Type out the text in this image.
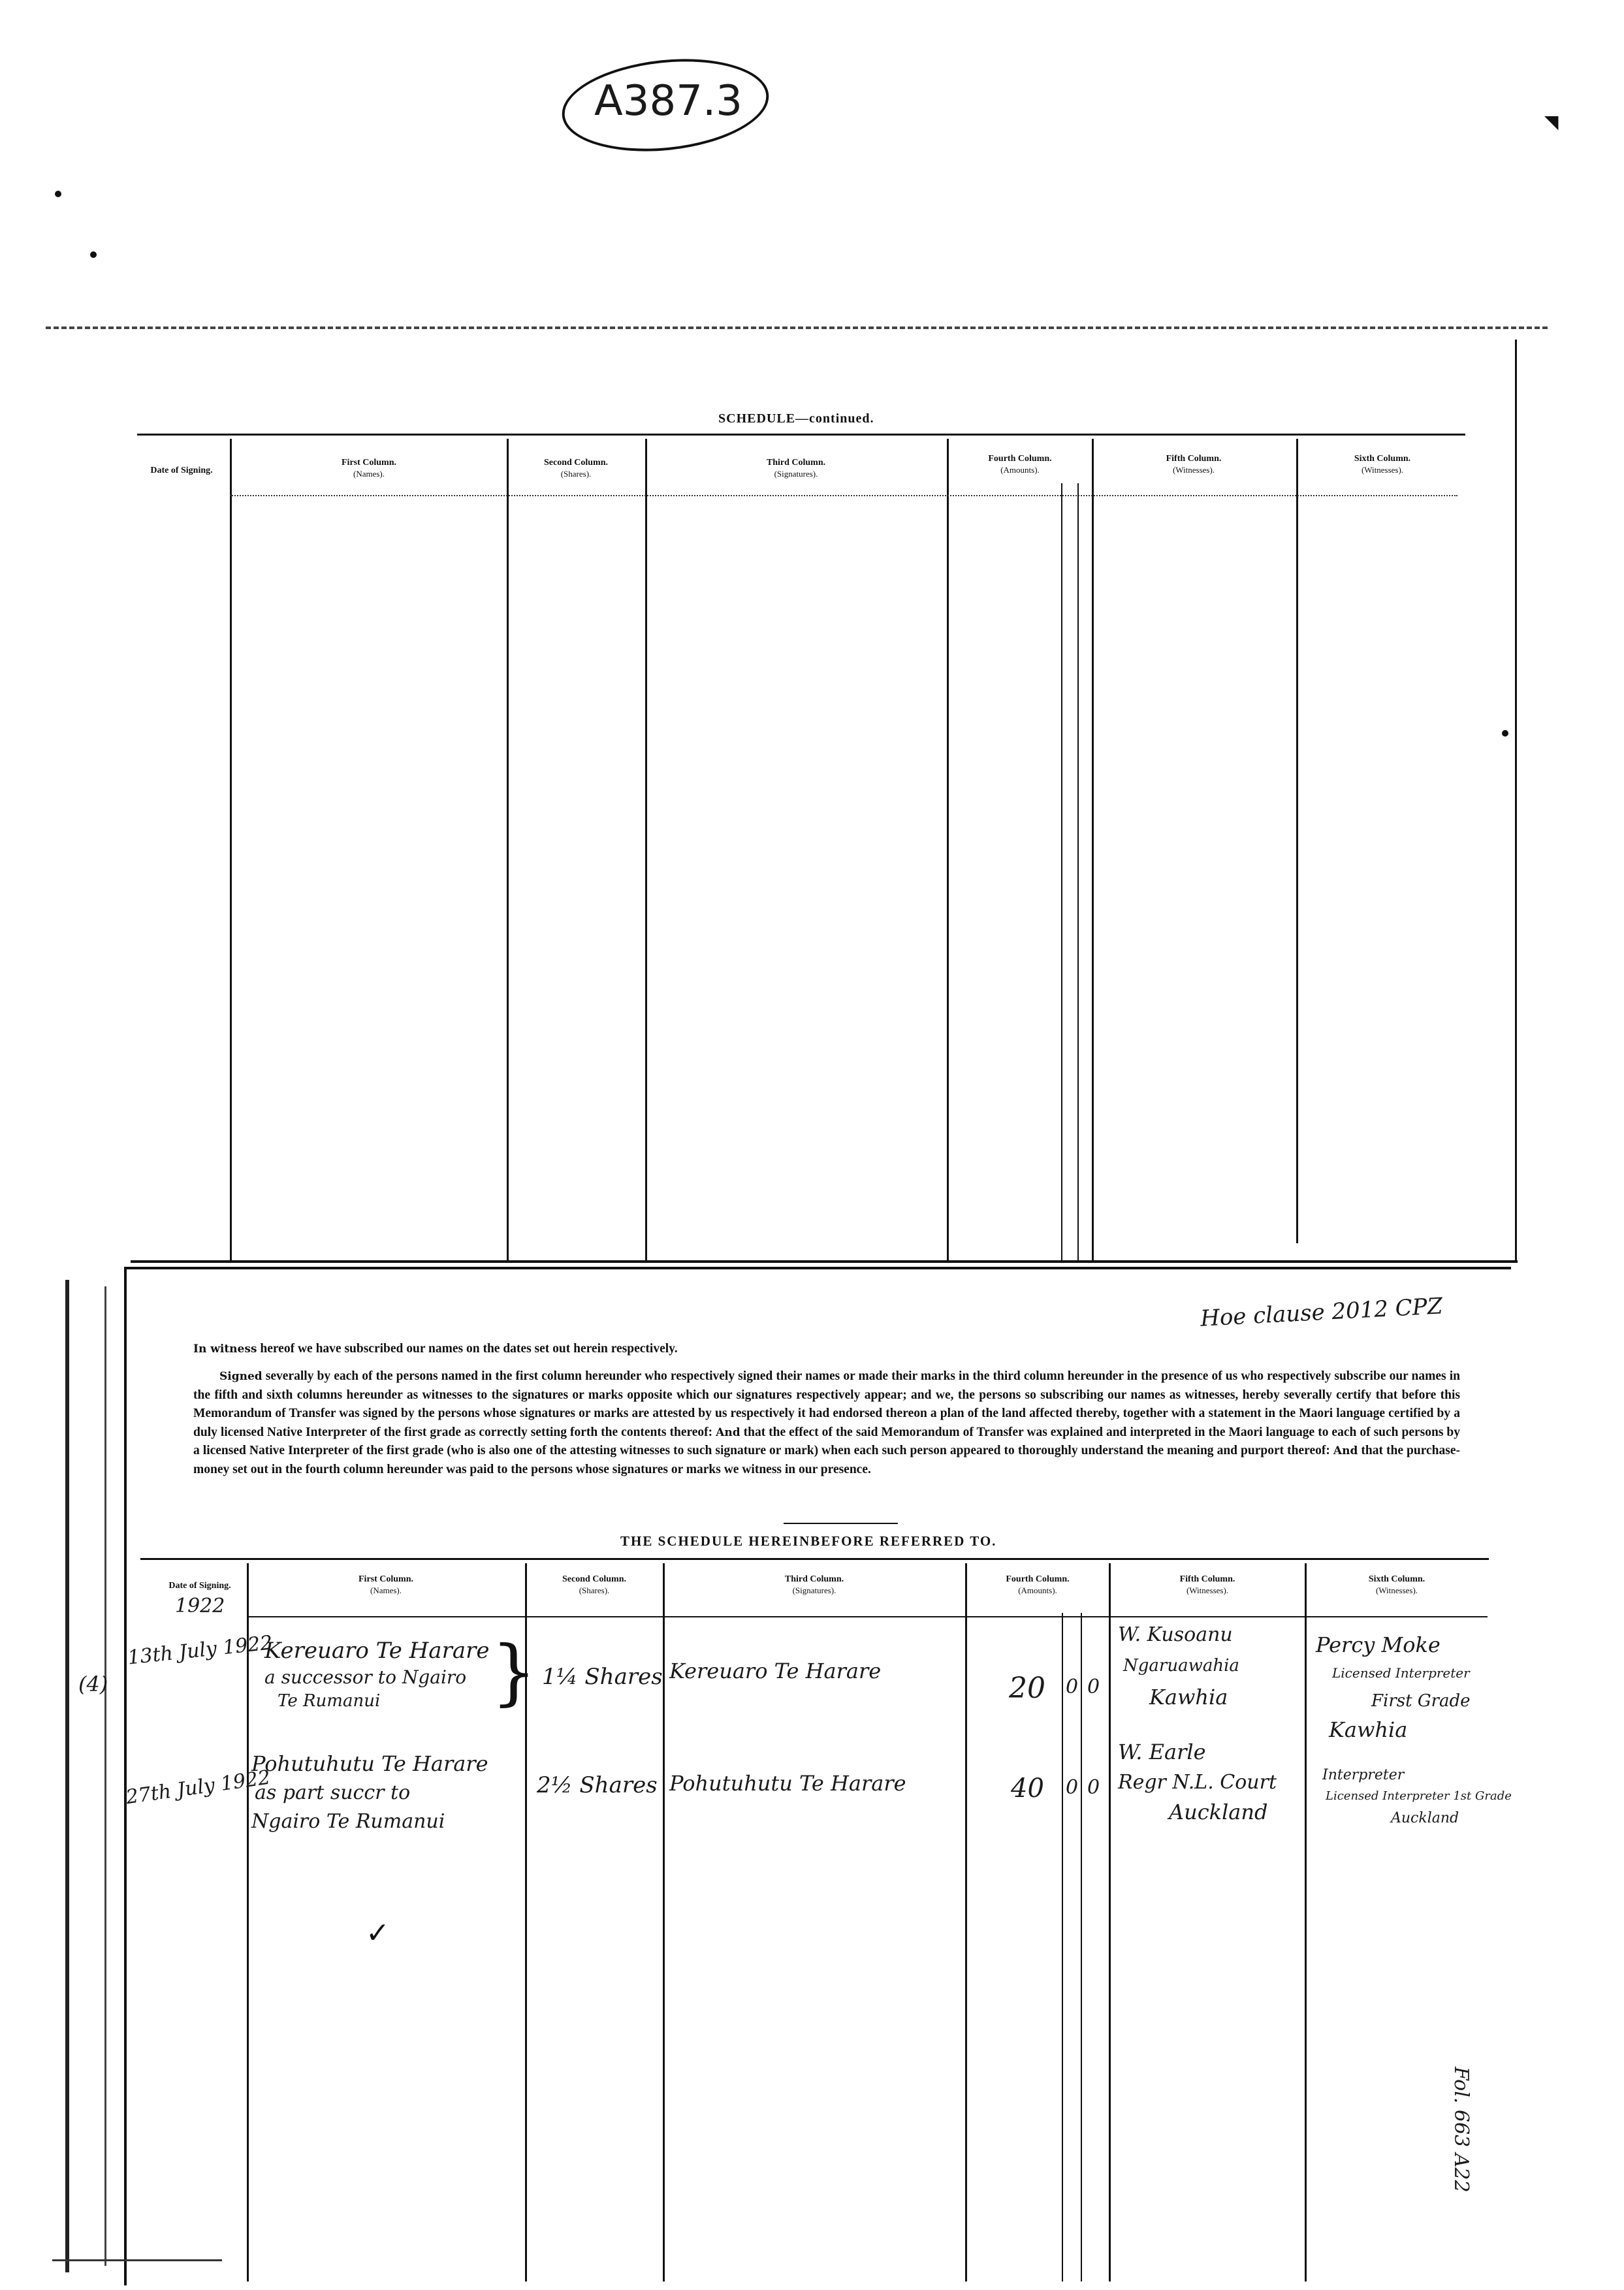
A387.3	◥
SCHEDULE—continued.
Date of Signing.
First Column.
(Names).
Second Column.
(Shares).
Third Column.
(Signatures).
Fourth Column.
(Amounts).
Fifth Column.
(Witnesses).
Sixth Column.
(Witnesses).
Hoe clause 2012 CPZ
In witness hereof we have subscribed our names on the dates set out herein respectively.
Signed severally by each of the persons named in the first column hereunder who respectively signed their names or made their marks in the third column hereunder in the presence of us who respectively subscribe our names in the fifth and sixth columns hereunder as witnesses to the signatures or marks opposite which our signatures respectively appear; and we, the persons so subscribing our names as witnesses, hereby severally certify that before this Memorandum of Transfer was signed by the persons whose signatures or marks are attested by us respectively it had endorsed thereon a plan of the land affected thereby, together with a statement in the Maori language certified by a duly licensed Native Interpreter of the first grade as correctly setting forth the contents thereof: And that the effect of the said Memorandum of Transfer was explained and interpreted in the Maori language to each of such persons by a licensed Native Interpreter of the first grade (who is also one of the attesting witnesses to such signature or mark) when each such person appeared to thoroughly understand the meaning and purport thereof: And that the purchase-money set out in the fourth column hereunder was paid to the persons whose signatures or marks we witness in our presence.
THE SCHEDULE HEREINBEFORE REFERRED TO.
Date of Signing.
First Column.
(Names).
Second Column.
(Shares).
Third Column.
(Signatures).
Fourth Column.
(Amounts).
Fifth Column.
(Witnesses).
Sixth Column.
(Witnesses).
1922
(4)
13th July 1922
Kereuaro Te Harare
a successor to Ngairo
Te Rumanui } 1¼ Shares Kereuaro Te Harare
20 0 0
W. Kusoanu
Ngaruawahia
Kawhia
Percy Moke
Licensed Interpreter
First Grade
Kawhia
27th July 1922
Pohutuhutu Te Harare
as part succr to
Ngairo Te Rumanui
2½ Shares Pohutuhutu Te Harare	40 0 0
W. Earle
Regr N.L. Court
Auckland
Interpreter
Licensed Interpreter 1st Grade
Auckland
✓
Fol. 663 A22
